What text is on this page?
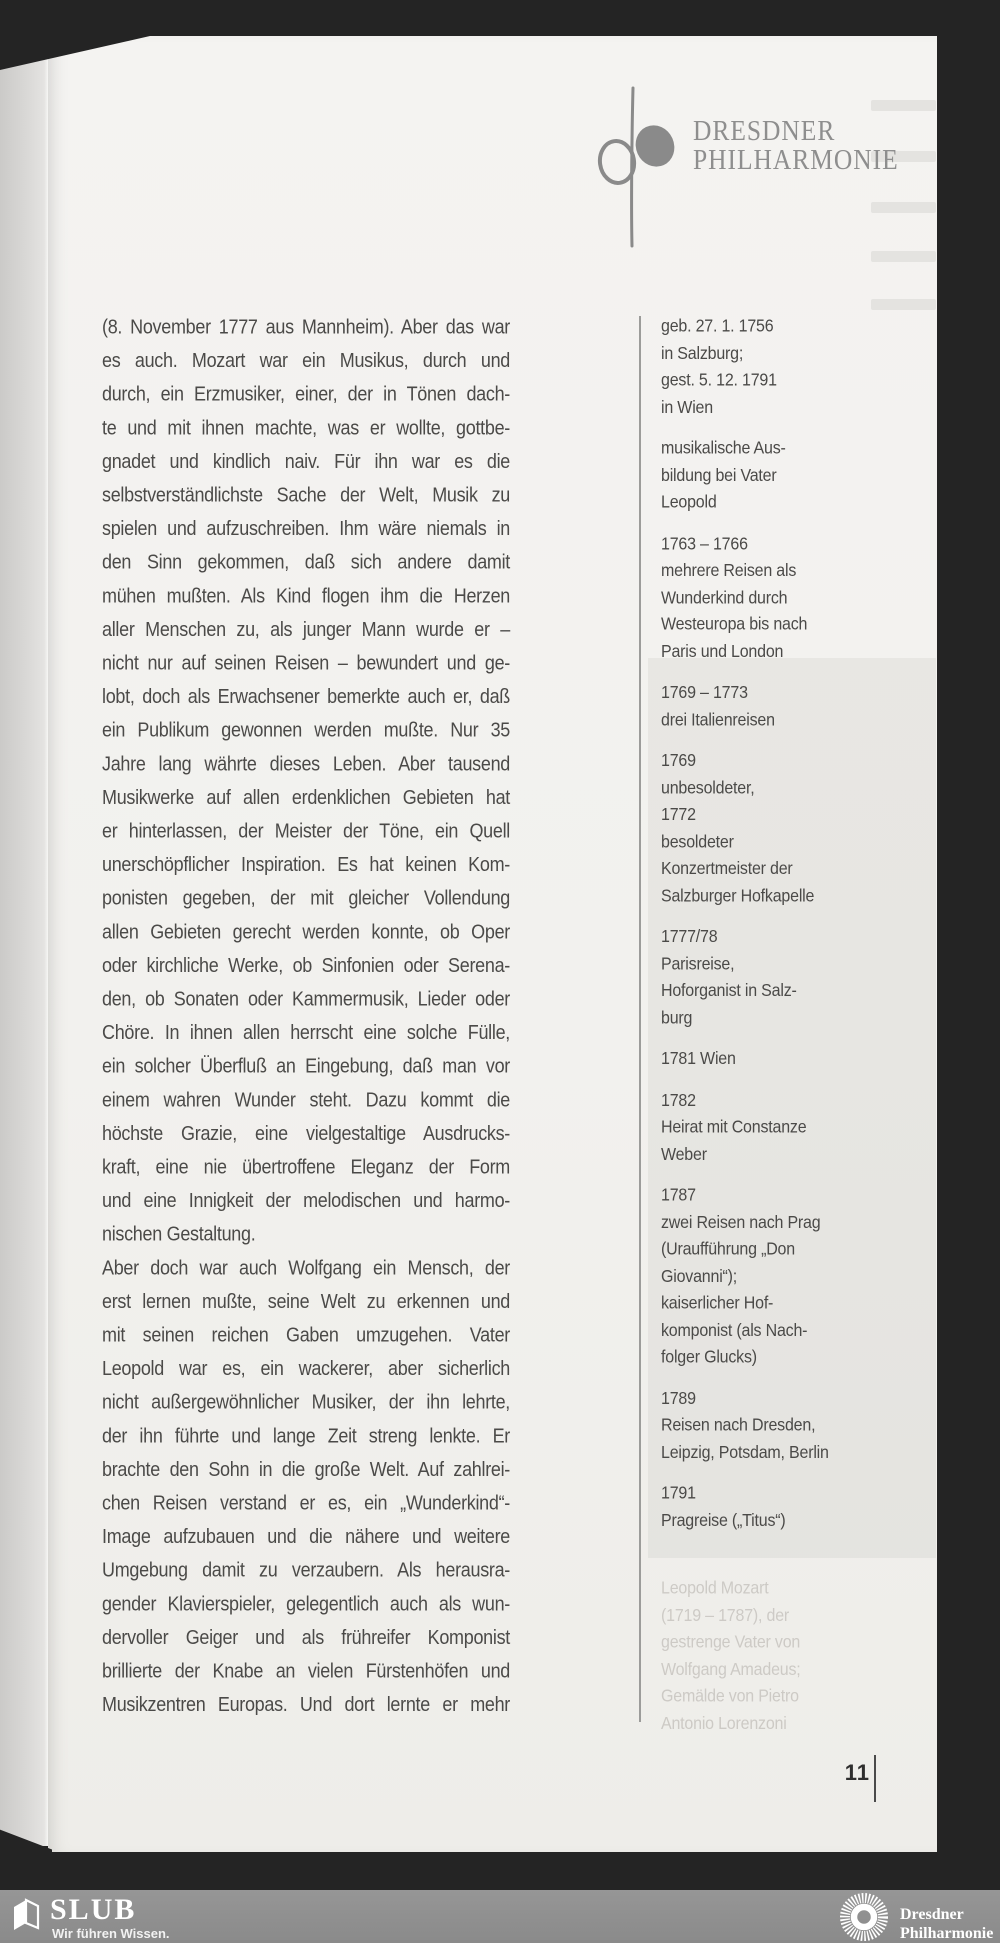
DRESDNER
PHILHARMONIE
(8. November 1777 aus Mannheim). Aber das war
es auch. Mozart war ein Musikus, durch und
durch, ein Erzmusiker, einer, der in Tönen dach-
te und mit ihnen machte, was er wollte, gottbe-
gnadet und kindlich naiv. Für ihn war es die
selbstverständlichste Sache der Welt, Musik zu
spielen und aufzuschreiben. Ihm wäre niemals in
den Sinn gekommen, daß sich andere damit
mühen mußten. Als Kind flogen ihm die Herzen
aller Menschen zu, als junger Mann wurde er –
nicht nur auf seinen Reisen – bewundert und ge-
lobt, doch als Erwachsener bemerkte auch er, daß
ein Publikum gewonnen werden mußte. Nur 35
Jahre lang währte dieses Leben. Aber tausend
Musikwerke auf allen erdenklichen Gebieten hat
er hinterlassen, der Meister der Töne, ein Quell
unerschöpflicher Inspiration. Es hat keinen Kom-
ponisten gegeben, der mit gleicher Vollendung
allen Gebieten gerecht werden konnte, ob Oper
oder kirchliche Werke, ob Sinfonien oder Serena-
den, ob Sonaten oder Kammermusik, Lieder oder
Chöre. In ihnen allen herrscht eine solche Fülle,
ein solcher Überfluß an Eingebung, daß man vor
einem wahren Wunder steht. Dazu kommt die
höchste Grazie, eine vielgestaltige Ausdrucks-
kraft, eine nie übertroffene Eleganz der Form
und eine Innigkeit der melodischen und harmo-
nischen Gestaltung.
Aber doch war auch Wolfgang ein Mensch, der
erst lernen mußte, seine Welt zu erkennen und
mit seinen reichen Gaben umzugehen. Vater
Leopold war es, ein wackerer, aber sicherlich
nicht außergewöhnlicher Musiker, der ihn lehrte,
der ihn führte und lange Zeit streng lenkte. Er
brachte den Sohn in die große Welt. Auf zahlrei-
chen Reisen verstand er es, ein „Wunderkind“-
Image aufzubauen und die nähere und weitere
Umgebung damit zu verzaubern. Als herausra-
gender Klavierspieler, gelegentlich auch als wun-
dervoller Geiger und als frühreifer Komponist
brillierte der Knabe an vielen Fürstenhöfen und
Musikzentren Europas. Und dort lernte er mehr
geb. 27. 1. 1756
in Salzburg;
gest. 5. 12. 1791
in Wien
musikalische Aus-
bildung bei Vater
Leopold
1763 – 1766
mehrere Reisen als
Wunderkind durch
Westeuropa bis nach
Paris und London
1769 – 1773
drei Italienreisen
1769
unbesoldeter,
1772
besoldeter
Konzertmeister der
Salzburger Hofkapelle
1777/78
Parisreise,
Hoforganist in Salz-
burg
1781 Wien
1782
Heirat mit Constanze
Weber
1787
zwei Reisen nach Prag
(Uraufführung „Don
Giovanni“);
kaiserlicher Hof-
komponist (als Nach-
folger Glucks)
1789
Reisen nach Dresden,
Leipzig, Potsdam, Berlin
1791
Pragreise („Titus“)
Leopold Mozart
(1719 – 1787), der
gestrenge Vater von
Wolfgang Amadeus;
Gemälde von Pietro
Antonio Lorenzoni
11
SLUB
Wir führen Wissen.
Dresdner
Philharmonie
